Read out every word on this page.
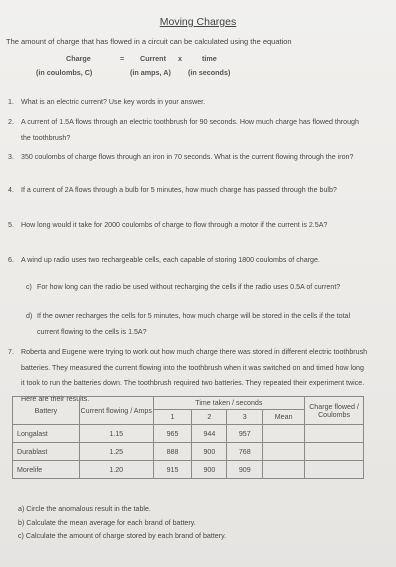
Moving Charges
The amount of charge that has flowed in a circuit can be calculated using the equation
Charge	= Current x	time
(in coulombs, C)	(in amps, A) (in seconds)
1. What is an electric current? Use key words in your answer.
2. A current of 1.5A flows through an electric toothbrush for 90 seconds. How much charge has flowed through the toothbrush?
3. 350 coulombs of charge flows through an iron in 70 seconds. What is the current flowing through the iron?
4. If a current of 2A flows through a bulb for 5 minutes, how much charge has passed through the bulb?
5. How long would it take for 2000 coulombs of charge to flow through a motor if the current is 2.5A?
6. A wind up radio uses two rechargeable cells, each capable of storing 1800 coulombs of charge.
c) For how long can the radio be used without recharging the cells if the radio uses 0.5A of current?
d) If the owner recharges the cells for 5 minutes, how much charge will be stored in the cells if the total current flowing to the cells is 1.5A?
7. Roberta and Eugene were trying to work out how much charge there was stored in different electric toothbrush batteries. They measured the current flowing into the toothbrush when it was switched on and timed how long it took to run the batteries down. The toothbrush required two batteries. They repeated their experiment twice. Here are their results.
Battery	Current flowing / Amps	Time taken / seconds				Charge flowed / Coulombs
		1	2	3	Mean	
Longalast	1.15	965	944	957		
Durablast	1.25	888	900	768		
Morelife	1.20	915	900	909		
a) Circle the anomalous result in the table.
b) Calculate the mean average for each brand of battery.
c) Calculate the amount of charge stored by each brand of battery.
